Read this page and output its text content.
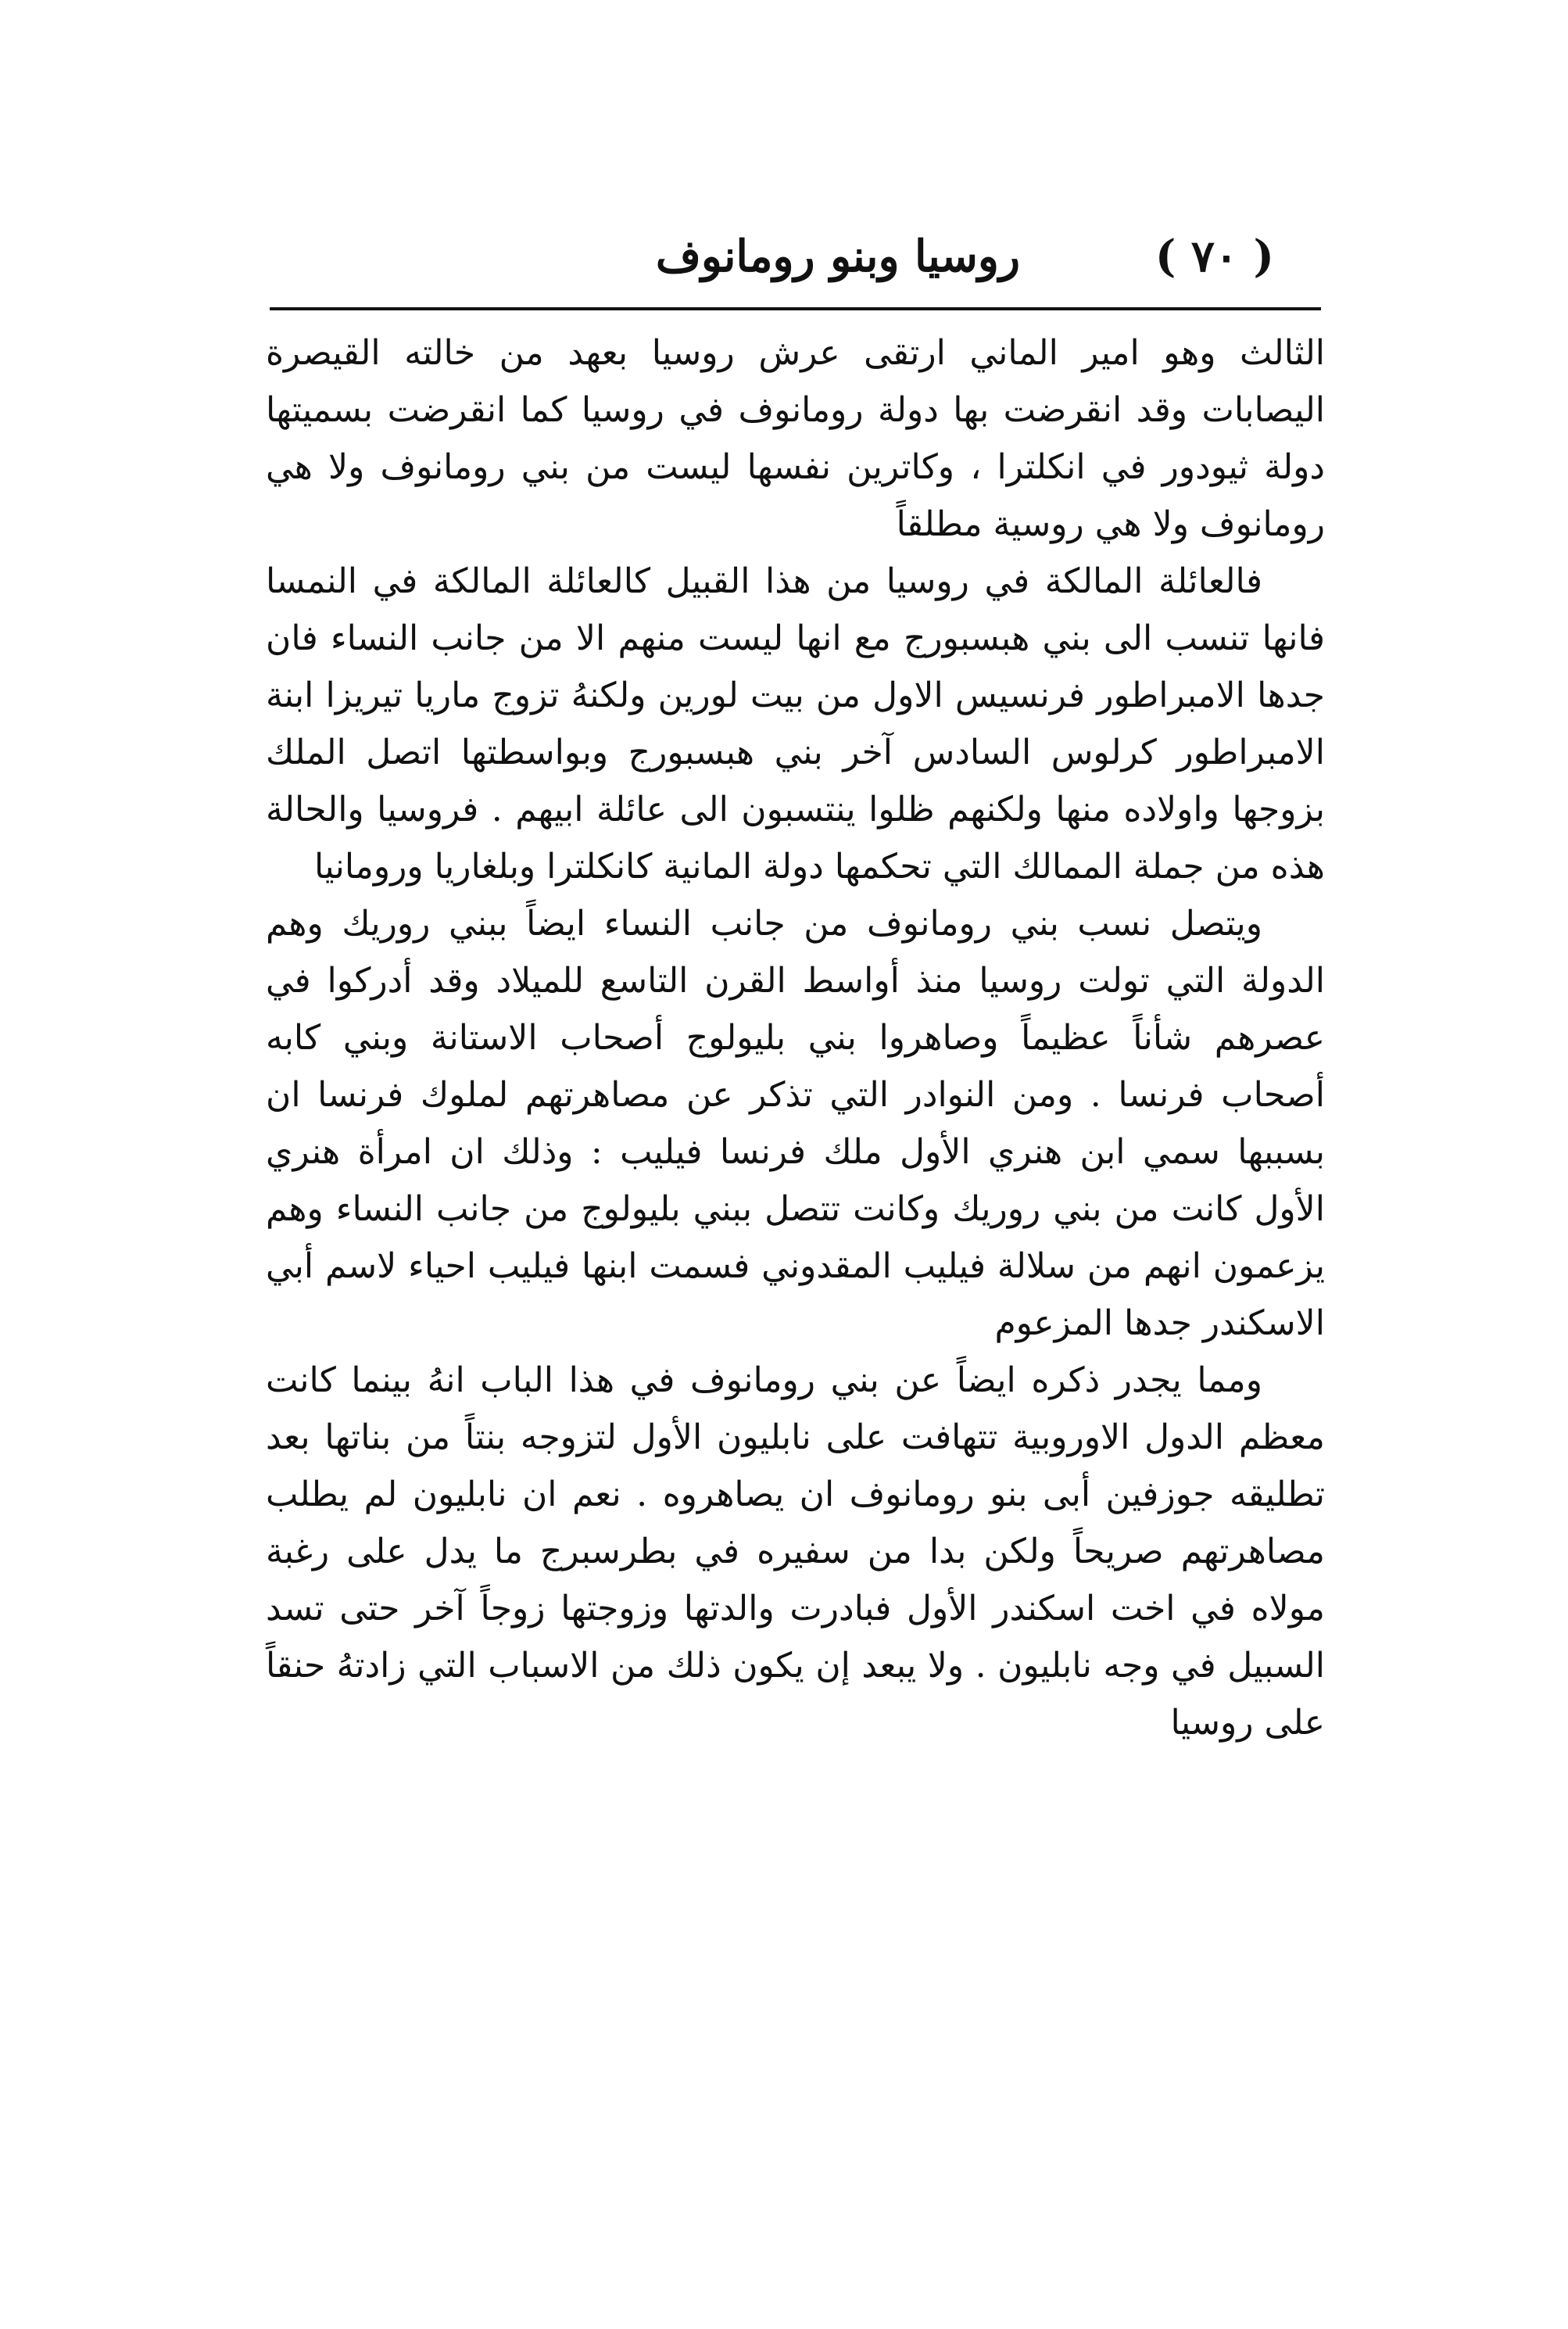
( ٧٠ )
روسيا وبنو رومانوف

الثالث وهو امير الماني ارتقى عرش روسيا بعهد من خالته القيصرة اليصابات وقد انقرضت بها دولة رومانوف في روسيا كما انقرضت بسميتها دولة ثيودور في انكلترا ، وكاترين نفسها ليست من بني رومانوف ولا هي رومانوف ولا هي روسية مطلقاً

فالعائلة المالكة في روسيا من هذا القبيل كالعائلة المالكة في النمسا فانها تنسب الى بني هبسبورج مع انها ليست منهم الا من جانب النساء فان جدها الامبراطور فرنسيس الاول من بيت لورين ولكنهُ تزوج ماريا تيريزا ابنة الامبراطور كرلوس السادس آخر بني هبسبورج وبواسطتها اتصل الملك بزوجها واولاده منها ولكنهم ظلوا ينتسبون الى عائلة ابيهم . فروسيا والحالة هذه من جملة الممالك التي تحكمها دولة المانية كانكلترا وبلغاريا ورومانيا

ويتصل نسب بني رومانوف من جانب النساء ايضاً ببني روريك وهم الدولة التي تولت روسيا منذ أواسط القرن التاسع للميلاد وقد أدركوا في عصرهم شأناً عظيماً وصاهروا بني بليولوج أصحاب الاستانة وبني كابه أصحاب فرنسا . ومن النوادر التي تذكر عن مصاهرتهم لملوك فرنسا ان بسببها سمي ابن هنري الأول ملك فرنسا فيليب : وذلك ان امرأة هنري الأول كانت من بني روريك وكانت تتصل ببني بليولوج من جانب النساء وهم يزعمون انهم من سلالة فيليب المقدوني فسمت ابنها فيليب احياء لاسم أبي الاسكندر جدها المزعوم

ومما يجدر ذكره ايضاً عن بني رومانوف في هذا الباب انهُ بينما كانت معظم الدول الاوروبية تتهافت على نابليون الأول لتزوجه بنتاً من بناتها بعد تطليقه جوزفين أبى بنو رومانوف ان يصاهروه . نعم ان نابليون لم يطلب مصاهرتهم صريحاً ولكن بدا من سفيره في بطرسبرج ما يدل على رغبة مولاه في اخت اسكندر الأول فبادرت والدتها وزوجتها زوجاً آخر حتى تسد السبيل في وجه نابليون . ولا يبعد إن يكون ذلك من الاسباب التي زادتهُ حنقاً على روسيا
